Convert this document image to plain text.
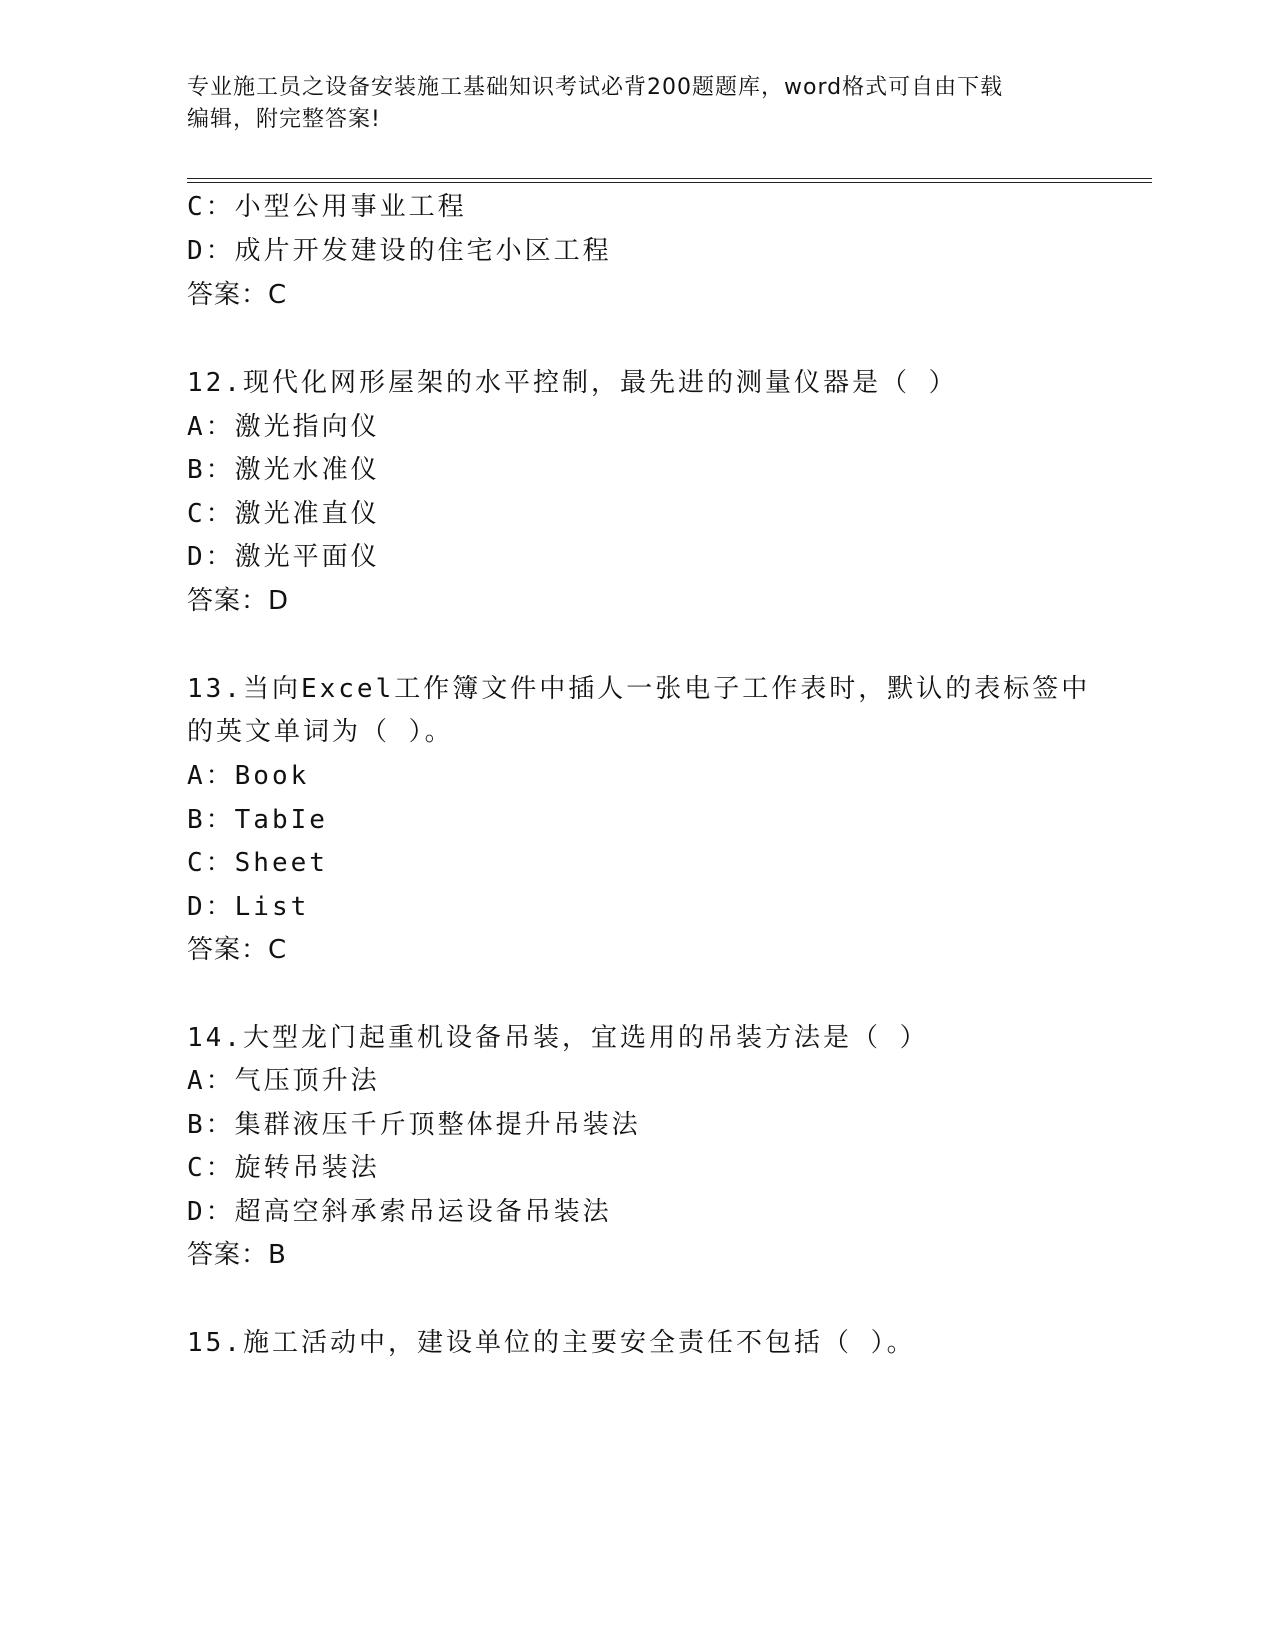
专业施工员之设备安装施工基础知识考试必背200题题库，word格式可自由下载
编辑，附完整答案!
C：小型公用事业工程
D：成片开发建设的住宅小区工程
答案：C
12.现代化网形屋架的水平控制，最先进的测量仪器是（ ）
A：激光指向仪
B：激光水准仪
C：激光准直仪
D：激光平面仪
答案：D
13.当向Excel工作簿文件中插人一张电子工作表时，默认的表标签中
的英文单词为（ ）。
A：Book
B：TabIe
C：Sheet
D：List
答案：C
14.大型龙门起重机设备吊装，宜选用的吊装方法是（ ）
A：气压顶升法
B：集群液压千斤顶整体提升吊装法
C：旋转吊装法
D：超高空斜承索吊运设备吊装法
答案：B
15.施工活动中，建设单位的主要安全责任不包括（ ）。
